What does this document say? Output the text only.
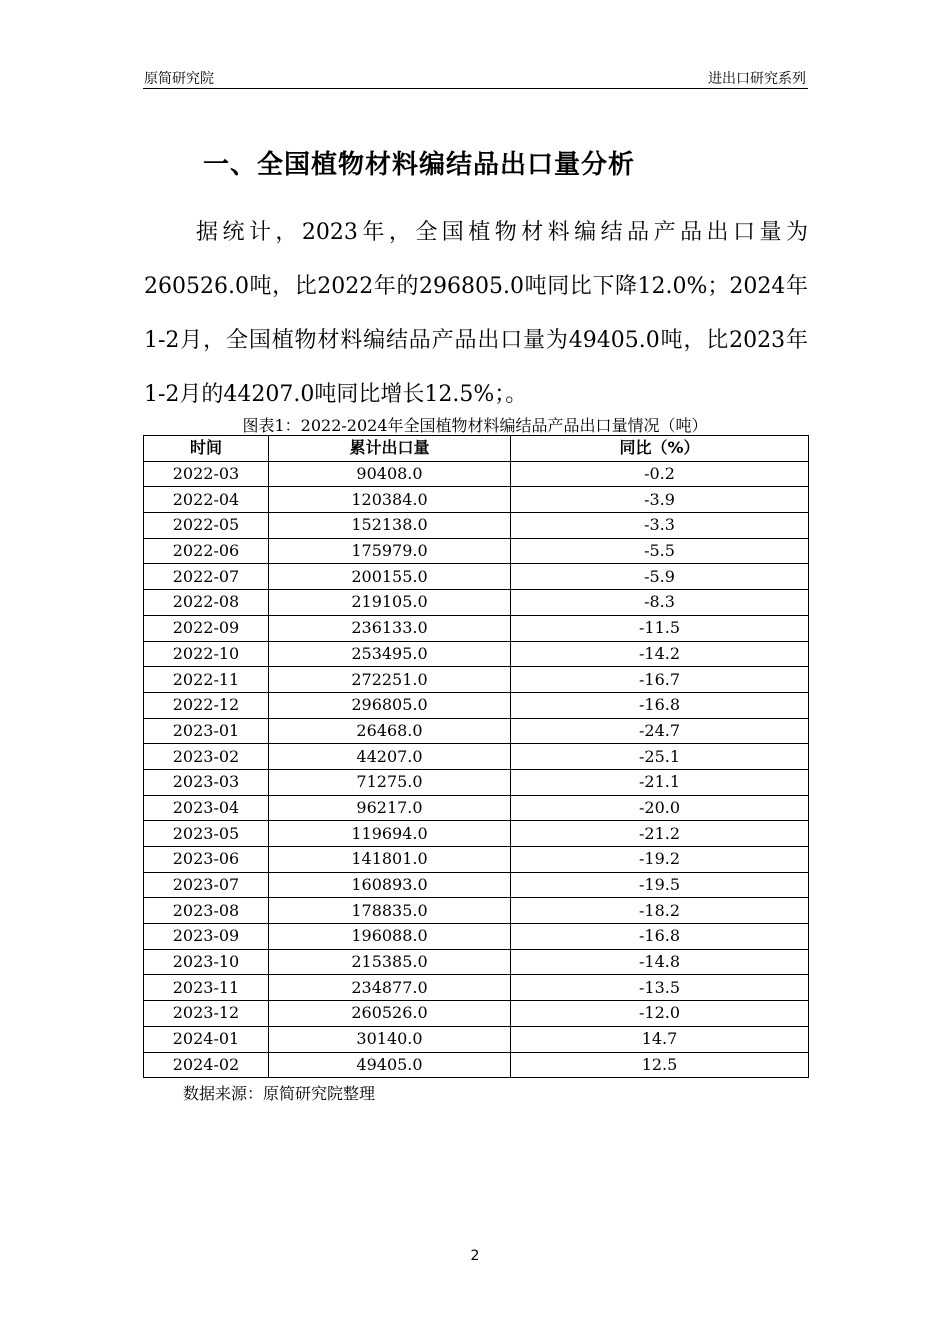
原简研究院	进出口研究系列
一、全国植物材料编结品出口量分析

据统计，2023年，全国植物材料编结品产品出口量为260526.0吨，比2022年的296805.0吨同比下降12.0%；2024年1-2月，全国植物材料编结品产品出口量为49405.0吨，比2023年1-2月的44207.0吨同比增长12.5%；。

图表1：2022-2024年全国植物材料编结品产品出口量情况（吨）
时间	累计出口量	同比（%）
2022-03	90408.0	-0.2
2022-04	120384.0	-3.9
2022-05	152138.0	-3.3
2022-06	175979.0	-5.5
2022-07	200155.0	-5.9
2022-08	219105.0	-8.3
2022-09	236133.0	-11.5
2022-10	253495.0	-14.2
2022-11	272251.0	-16.7
2022-12	296805.0	-16.8
2023-01	26468.0	-24.7
2023-02	44207.0	-25.1
2023-03	71275.0	-21.1
2023-04	96217.0	-20.0
2023-05	119694.0	-21.2
2023-06	141801.0	-19.2
2023-07	160893.0	-19.5
2023-08	178835.0	-18.2
2023-09	196088.0	-16.8
2023-10	215385.0	-14.8
2023-11	234877.0	-13.5
2023-12	260526.0	-12.0
2024-01	30140.0	14.7
2024-02	49405.0	12.5
数据来源：原简研究院整理
2
